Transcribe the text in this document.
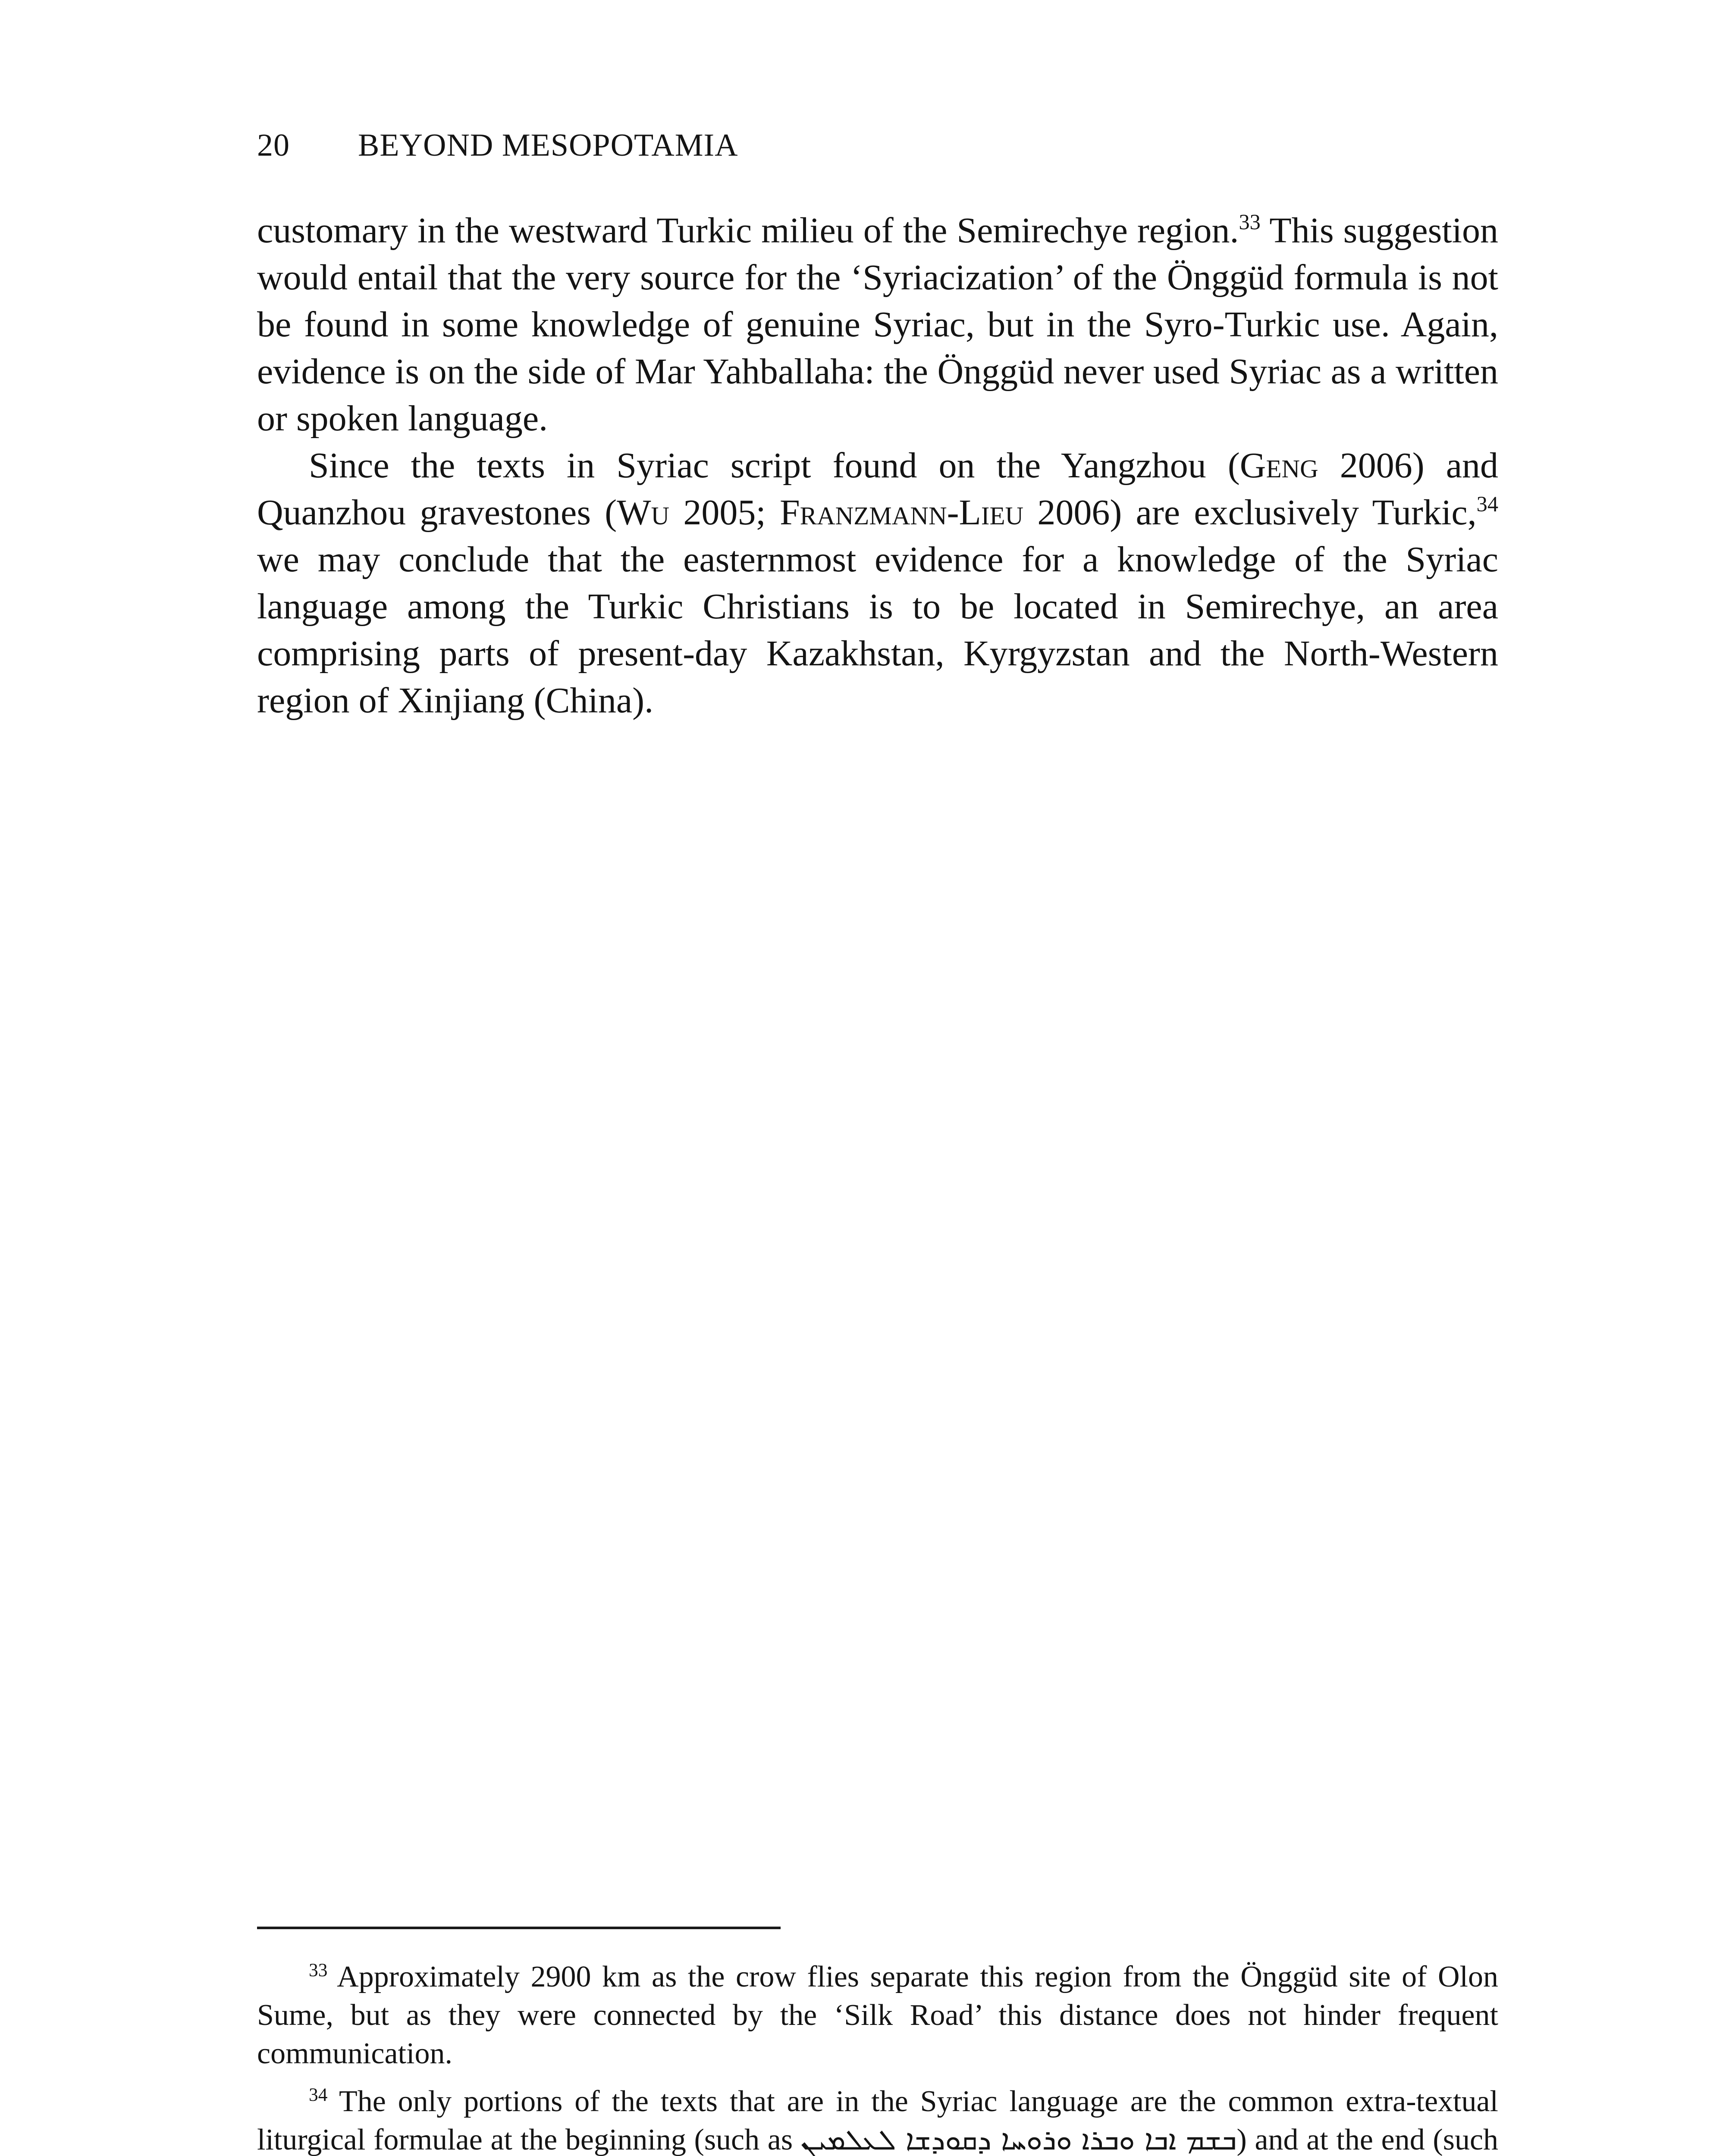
20 BEYOND MESOPOTAMIA

customary in the westward Turkic milieu of the Semirechye region.$^{33}$ This suggestion would entail that the very source for the ‘Syriacization’ of the Önggüd formula is not be found in some knowledge of genuine Syriac, but in the Syro-Turkic use. Again, evidence is on the side of Mar Yahballaha: the Önggüd never used Syriac as a written or spoken language.

Since the texts in Syriac script found on the Yangzhou (Geng 2006) and Quanzhou gravestones (Wu 2005; Franzmann-Lieu 2006) are exclusively Turkic,$^{34}$ we may conclude that the easternmost evidence for a knowledge of the Syriac language among the Turkic Christians is to be located in Semirechye, an area comprising parts of present-day Kazakhstan, Kyrgyzstan and the North-Western region of Xinjiang (China).

$^{33}$ Approximately 2900 km as the crow flies separate this region from the Önggüd site of Olon Sume, but as they were connected by the ‘Silk Road’ this distance does not hinder frequent communication.

$^{34}$ The only portions of the texts that are in the Syriac language are the common extra-textual liturgical formulae at the beginning (such as ܒܫܡ ܐܒܐ ܘܒܪܐ ܘܪܘܚܐ ܕܩܘܕܫܐ ܠܥܠܡܝܢ) and at the end (such
